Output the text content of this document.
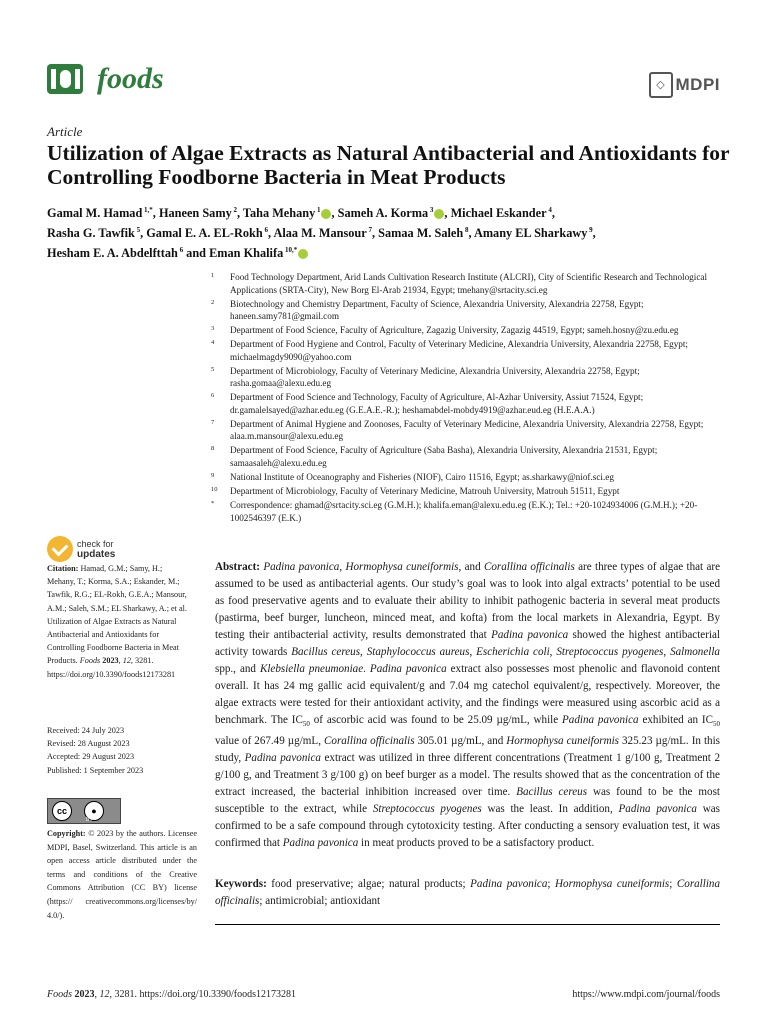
foods	◇ MDPI
Article
Utilization of Algae Extracts as Natural Antibacterial and Antioxidants for Controlling Foodborne Bacteria in Meat Products
Gamal M. Hamad $^{1,*}$, Haneen Samy $^2$, Taha Mehany $^1$ , Sameh A. Korma $^3$ , Michael Eskander $^4$,
Rasha G. Tawfik $^5$, Gamal E. A. EL-Rokh $^6$, Alaa M. Mansour $^7$, Samaa M. Saleh $^8$, Amany EL Sharkawy $^9$,
Hesham E. A. Abdelfttah $^6$ and Eman Khalifa $^{10,*}$
1	Food Technology Department, Arid Lands Cultivation Research Institute (ALCRI), City of Scientific Research and Technological Applications (SRTA-City), New Borg El-Arab 21934, Egypt; tmehany@srtacity.sci.eg
2	Biotechnology and Chemistry Department, Faculty of Science, Alexandria University, Alexandria 22758, Egypt; haneen.samy781@gmail.com
3	Department of Food Science, Faculty of Agriculture, Zagazig University, Zagazig 44519, Egypt; sameh.hosny@zu.edu.eg
4	Department of Food Hygiene and Control, Faculty of Veterinary Medicine, Alexandria University, Alexandria 22758, Egypt; michaelmagdy9090@yahoo.com
5	Department of Microbiology, Faculty of Veterinary Medicine, Alexandria University, Alexandria 22758, Egypt; rasha.gomaa@alexu.edu.eg
6	Department of Food Science and Technology, Faculty of Agriculture, Al-Azhar University, Assiut 71524, Egypt; dr.gamalelsayed@azhar.edu.eg (G.E.A.E.-R.); heshamabdel-mobdy4919@azhar.eud.eg (H.E.A.A.)
7	Department of Animal Hygiene and Zoonoses, Faculty of Veterinary Medicine, Alexandria University, Alexandria 22758, Egypt; alaa.m.mansour@alexu.edu.eg
8	Department of Food Science, Faculty of Agriculture (Saba Basha), Alexandria University, Alexandria 21531, Egypt; samaasaleh@alexu.edu.eg
9	National Institute of Oceanography and Fisheries (NIOF), Cairo 11516, Egypt; as.sharkawy@niof.sci.eg
10	Department of Microbiology, Faculty of Veterinary Medicine, Matrouh University, Matrouh 51511, Egypt
*	Correspondence: ghamad@srtacity.sci.eg (G.M.H.); khalifa.eman@alexu.edu.eg (E.K.); Tel.: +20-1024934006 (G.M.H.); +20-1002546397 (E.K.)
check for
updates
Citation: Hamad, G.M.; Samy, H.; Mehany, T.; Korma, S.A.; Eskander, M.; Tawfik, R.G.; EL-Rokh, G.E.A.; Mansour, A.M.; Saleh, S.M.; EL Sharkawy, A.; et al. Utilization of Algae Extracts as Natural Antibacterial and Antioxidants for Controlling Foodborne Bacteria in Meat Products. Foods 2023, 12, 3281. https://doi.org/10.3390/foods12173281
Received: 24 July 2023
Revised: 28 August 2023
Accepted: 29 August 2023
Published: 1 September 2023
cc	●
BY
Copyright: © 2023 by the authors. Licensee MDPI, Basel, Switzerland. This article is an open access article distributed under the terms and conditions of the Creative Commons Attribution (CC BY) license (https:// creativecommons.org/licenses/by/ 4.0/).
Abstract: Padina pavonica, Hormophysa cuneiformis, and Corallina officinalis are three types of algae that are assumed to be used as antibacterial agents. Our study’s goal was to look into algal extracts’ potential to be used as food preservative agents and to evaluate their ability to inhibit pathogenic bacteria in several meat products (pastirma, beef burger, luncheon, minced meat, and kofta) from the local markets in Alexandria, Egypt. By testing their antibacterial activity, results demonstrated that Padina pavonica showed the highest antibacterial activity towards Bacillus cereus, Staphylococcus aureus, Escherichia coli, Streptococcus pyogenes, Salmonella spp., and Klebsiella pneumoniae. Padina pavonica extract also possesses most phenolic and flavonoid content overall. It has 24 mg gallic acid equivalent/g and 7.04 mg catechol equivalent/g, respectively. Moreover, the algae extracts were tested for their antioxidant activity, and the findings were measured using ascorbic acid as a benchmark. The $IC_{50}$ of ascorbic acid was found to be 25.09 µg/mL, while Padina pavonica exhibited an $IC_{50}$ value of 267.49 µg/mL, Corallina officinalis 305.01 µg/mL, and Hormophysa cuneiformis 325.23 µg/mL. In this study, Padina pavonica extract was utilized in three different concentrations (Treatment 1 g/100 g, Treatment 2 g/100 g, and Treatment 3 g/100 g) on beef burger as a model. The results showed that as the concentration of the extract increased, the bacterial inhibition increased over time. Bacillus cereus was found to be the most susceptible to the extract, while Streptococcus pyogenes was the least. In addition, Padina pavonica was confirmed to be a safe compound through cytotoxicity testing. After conducting a sensory evaluation test, it was confirmed that Padina pavonica in meat products proved to be a satisfactory product.
Keywords: food preservative; algae; natural products; Padina pavonica; Hormophysa cuneiformis; Corallina officinalis; antimicrobial; antioxidant
Foods 2023, 12, 3281. https://doi.org/10.3390/foods12173281	https://www.mdpi.com/journal/foods
